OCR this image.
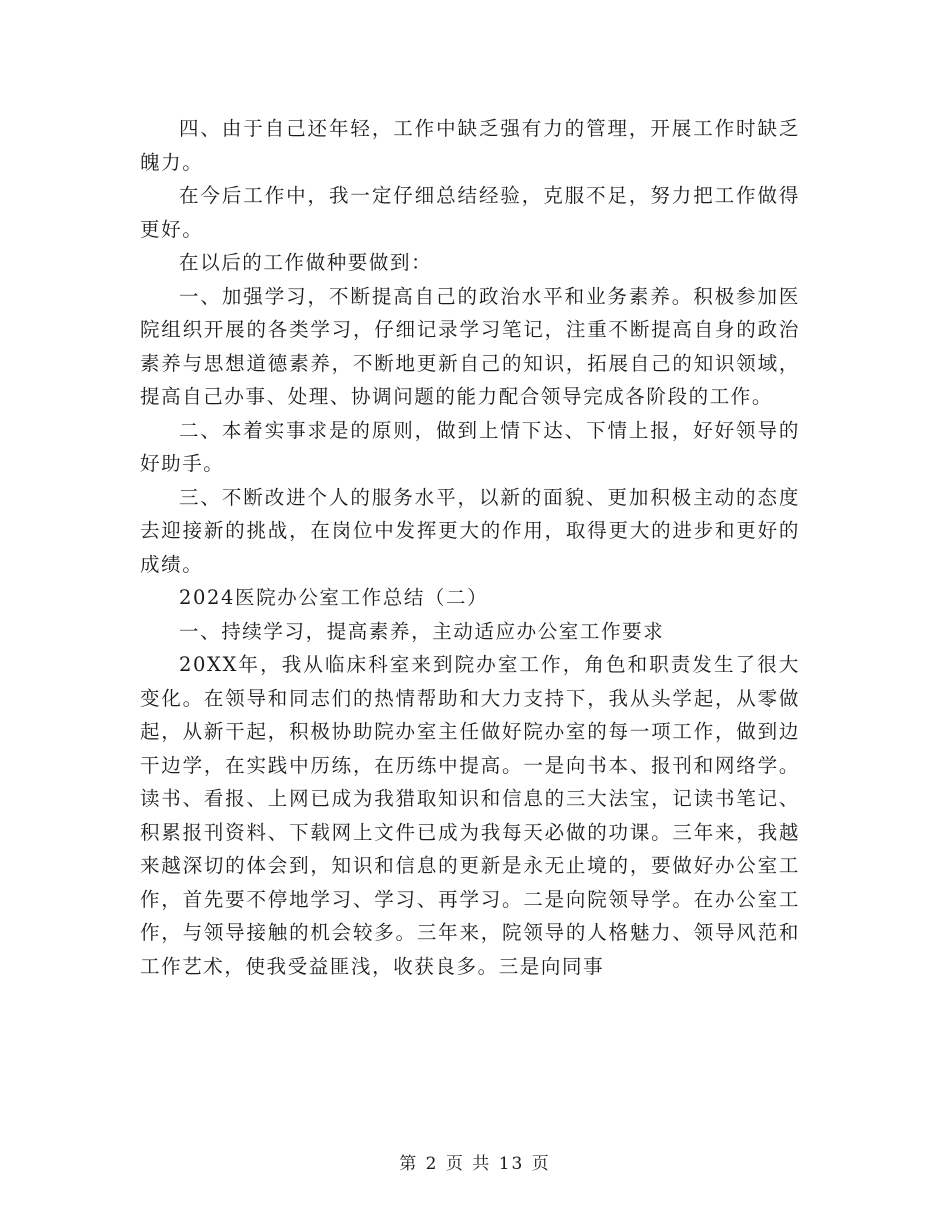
四、由于自己还年轻，工作中缺乏强有力的管理，开展工作时缺乏魄力。

在今后工作中，我一定仔细总结经验，克服不足，努力把工作做得更好。

在以后的工作做种要做到：

一、加强学习，不断提高自己的政治水平和业务素养。积极参加医院组织开展的各类学习，仔细记录学习笔记，注重不断提高自身的政治素养与思想道德素养，不断地更新自己的知识，拓展自己的知识领域，提高自己办事、处理、协调问题的能力配合领导完成各阶段的工作。

二、本着实事求是的原则，做到上情下达、下情上报，好好领导的好助手。

三、不断改进个人的服务水平，以新的面貌、更加积极主动的态度去迎接新的挑战，在岗位中发挥更大的作用，取得更大的进步和更好的成绩。

2024医院办公室工作总结（二）

一、持续学习，提高素养，主动适应办公室工作要求

20XX年，我从临床科室来到院办室工作，角色和职责发生了很大变化。在领导和同志们的热情帮助和大力支持下，我从头学起，从零做起，从新干起，积极协助院办室主任做好院办室的每一项工作，做到边干边学，在实践中历练，在历练中提高。一是向书本、报刊和网络学。读书、看报、上网已成为我猎取知识和信息的三大法宝，记读书笔记、积累报刊资料、下载网上文件已成为我每天必做的功课。三年来，我越来越深切的体会到，知识和信息的更新是永无止境的，要做好办公室工作，首先要不停地学习、学习、再学习。二是向院领导学。在办公室工作，与领导接触的机会较多。三年来，院领导的人格魅力、领导风范和工作艺术，使我受益匪浅，收获良多。三是向同事

第 2 页 共 13 页
